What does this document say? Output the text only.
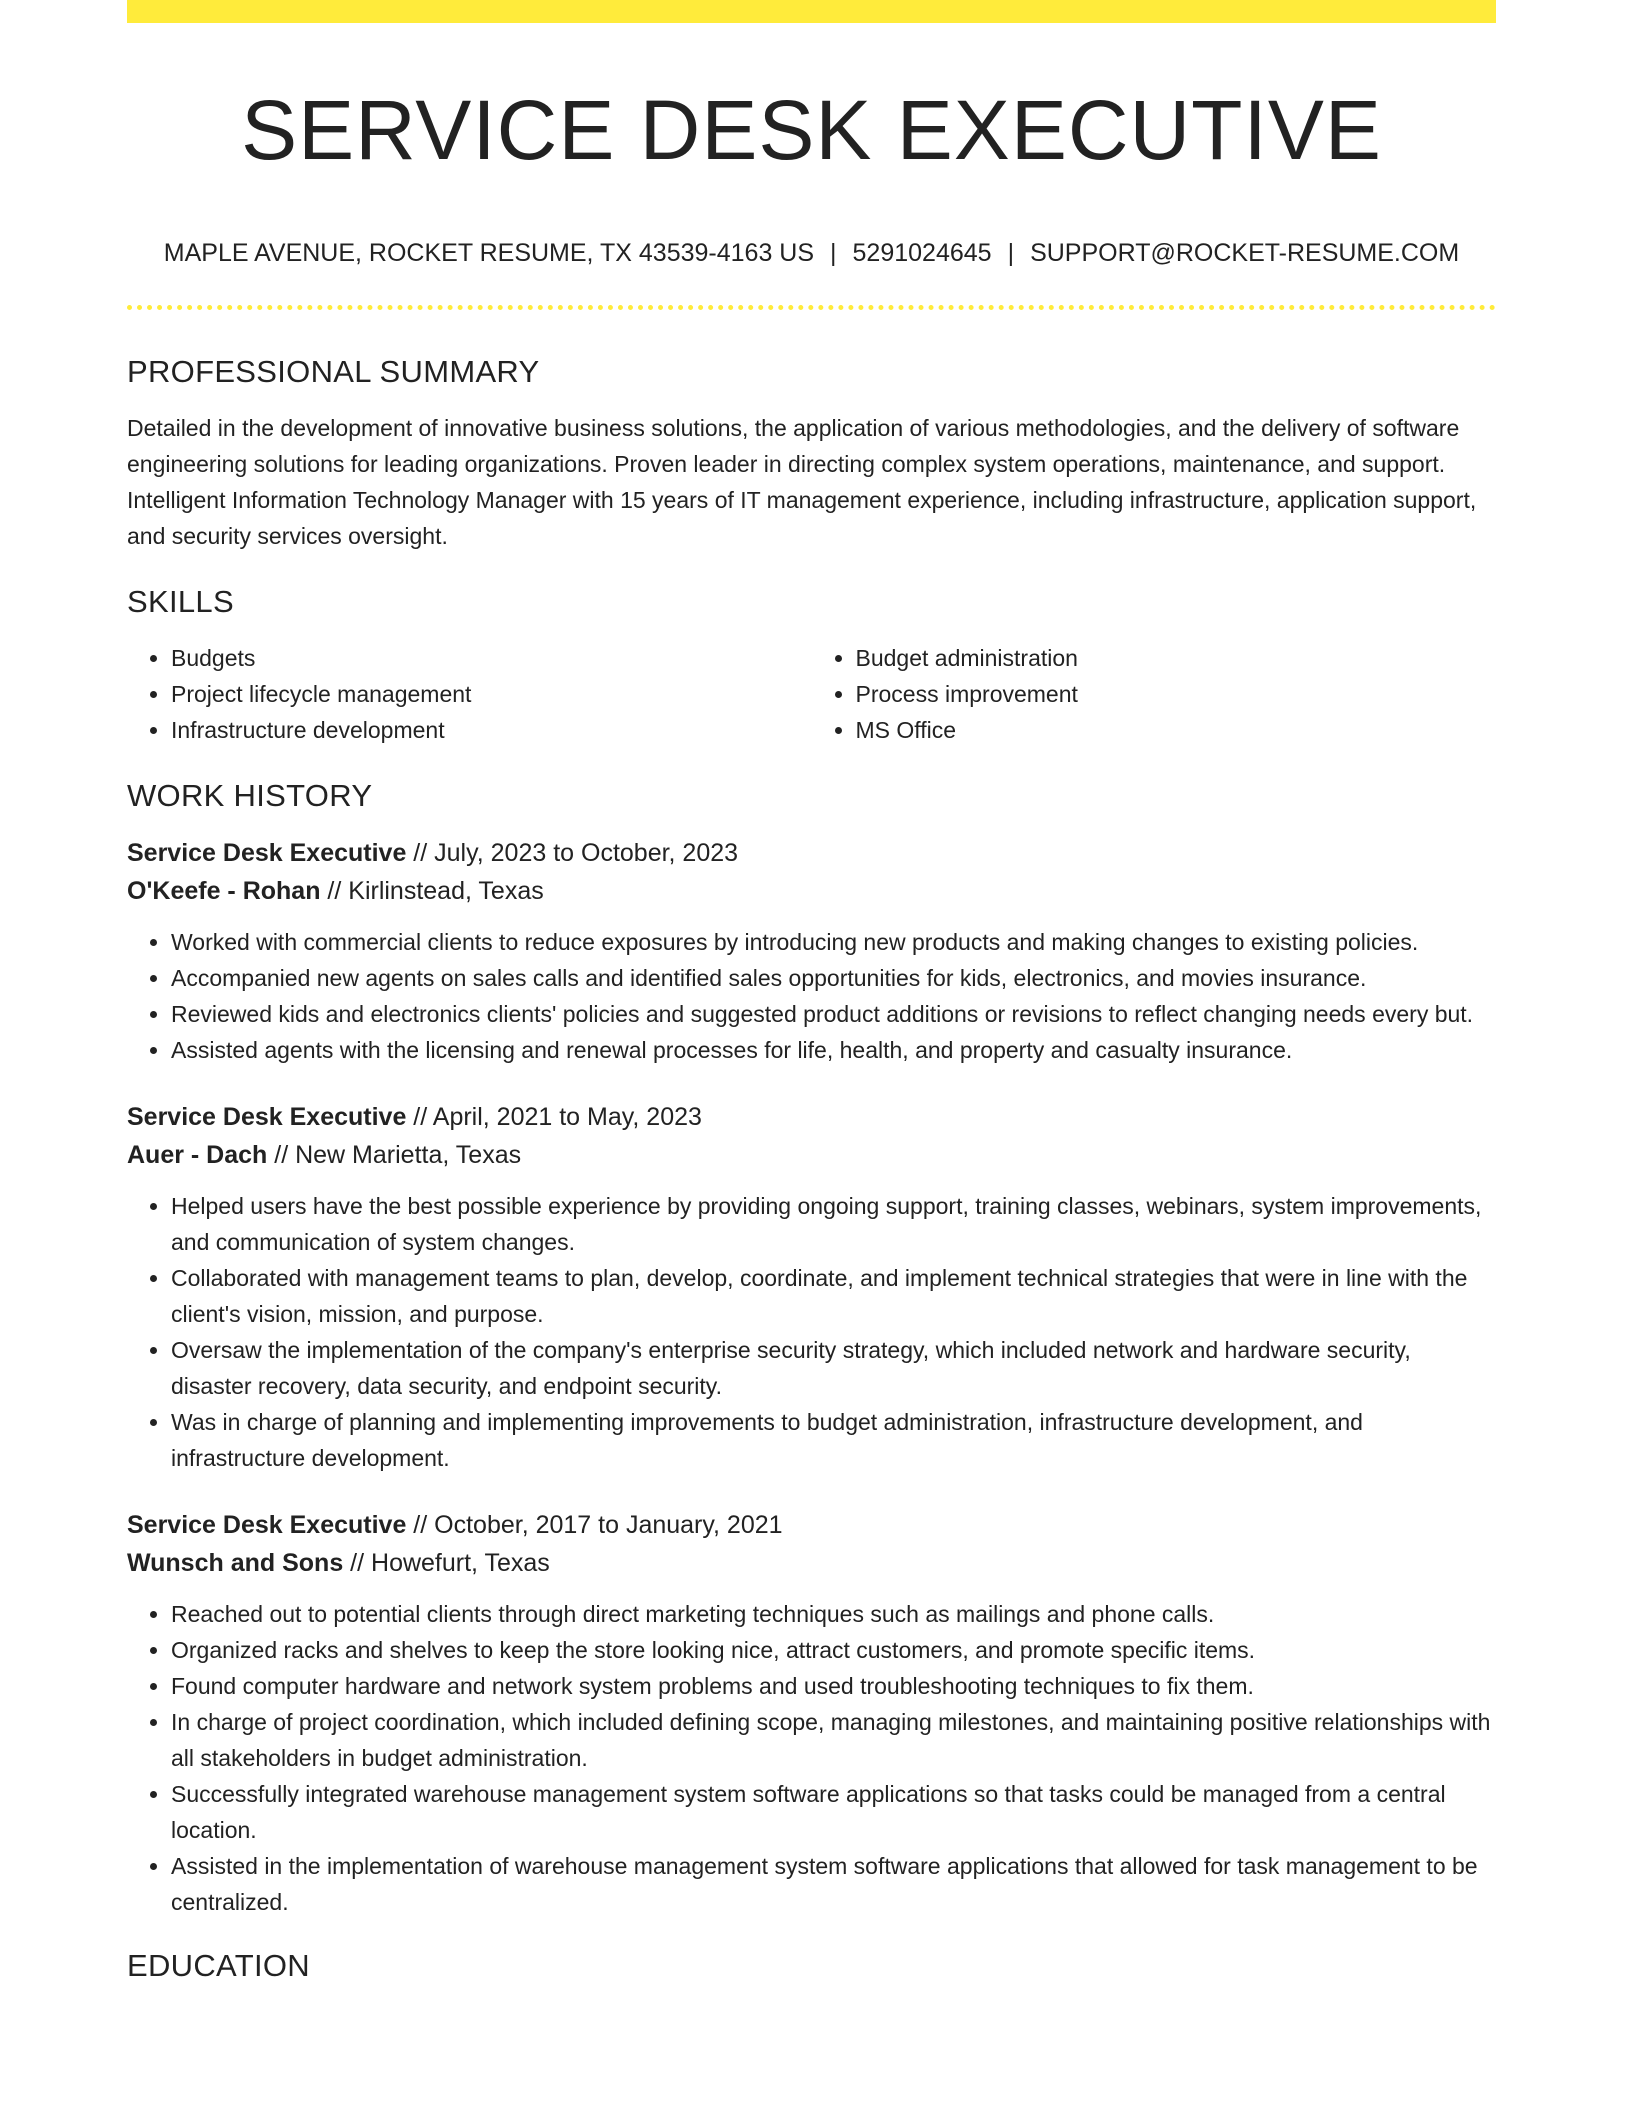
SERVICE DESK EXECUTIVE
MAPLE AVENUE, ROCKET RESUME, TX 43539-4163 US | 5291024645 | SUPPORT@ROCKET-RESUME.COM
PROFESSIONAL SUMMARY

Detailed in the development of innovative business solutions, the application of various methodologies, and the delivery of software engineering solutions for leading organizations. Proven leader in directing complex system operations, maintenance, and support. Intelligent Information Technology Manager with 15 years of IT management experience, including infrastructure, application support, and security services oversight.

SKILLS
• Budgets
• Project lifecycle management
• Infrastructure development
• Budget administration
• Process improvement
• MS Office
WORK HISTORY
Service Desk Executive // July, 2023 to October, 2023
O'Keefe - Rohan // Kirlinstead, Texas
• Worked with commercial clients to reduce exposures by introducing new products and making changes to existing policies.
• Accompanied new agents on sales calls and identified sales opportunities for kids, electronics, and movies insurance.
• Reviewed kids and electronics clients' policies and suggested product additions or revisions to reflect changing needs every but.
• Assisted agents with the licensing and renewal processes for life, health, and property and casualty insurance.
Service Desk Executive // April, 2021 to May, 2023
Auer - Dach // New Marietta, Texas
• Helped users have the best possible experience by providing ongoing support, training classes, webinars, system improvements, and communication of system changes.
• Collaborated with management teams to plan, develop, coordinate, and implement technical strategies that were in line with the client's vision, mission, and purpose.
• Oversaw the implementation of the company's enterprise security strategy, which included network and hardware security, disaster recovery, data security, and endpoint security.
• Was in charge of planning and implementing improvements to budget administration, infrastructure development, and infrastructure development.
Service Desk Executive // October, 2017 to January, 2021
Wunsch and Sons // Howefurt, Texas
• Reached out to potential clients through direct marketing techniques such as mailings and phone calls.
• Organized racks and shelves to keep the store looking nice, attract customers, and promote specific items.
• Found computer hardware and network system problems and used troubleshooting techniques to fix them.
• In charge of project coordination, which included defining scope, managing milestones, and maintaining positive relationships with all stakeholders in budget administration.
• Successfully integrated warehouse management system software applications so that tasks could be managed from a central location.
• Assisted in the implementation of warehouse management system software applications that allowed for task management to be centralized.
EDUCATION
